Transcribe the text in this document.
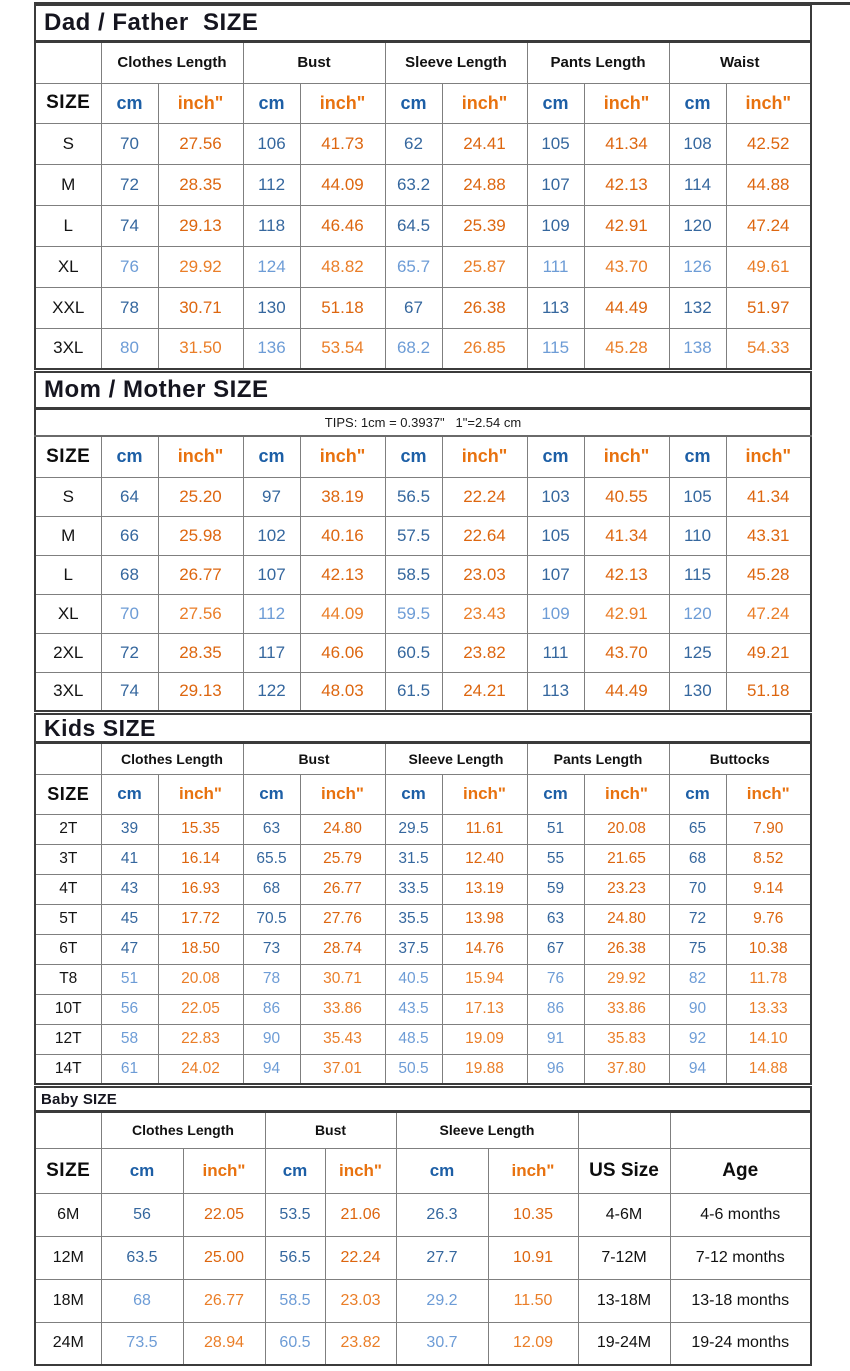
Dad / Father  SIZE
	Clothes Length		Bust		Sleeve Length		Pants Length		Waist	
SIZE	cm	inch"	cm	inch"	cm	inch"	cm	inch"	cm	inch"
S	70	27.56	106	41.73	62	24.41	105	41.34	108	42.52
M	72	28.35	112	44.09	63.2	24.88	107	42.13	114	44.88
L	74	29.13	118	46.46	64.5	25.39	109	42.91	120	47.24
XL	76	29.92	124	48.82	65.7	25.87	111	43.70	126	49.61
XXL	78	30.71	130	51.18	67	26.38	113	44.49	132	51.97
3XL	80	31.50	136	53.54	68.2	26.85	115	45.28	138	54.33
Mom / Mother SIZE
TIPS: 1cm = 0.3937"   1"=2.54 cm										
SIZE	cm	inch"	cm	inch"	cm	inch"	cm	inch"	cm	inch"
S	64	25.20	97	38.19	56.5	22.24	103	40.55	105	41.34
M	66	25.98	102	40.16	57.5	22.64	105	41.34	110	43.31
L	68	26.77	107	42.13	58.5	23.03	107	42.13	115	45.28
XL	70	27.56	112	44.09	59.5	23.43	109	42.91	120	47.24
2XL	72	28.35	117	46.06	60.5	23.82	111	43.70	125	49.21
3XL	74	29.13	122	48.03	61.5	24.21	113	44.49	130	51.18
Kids SIZE
	Clothes Length		Bust		Sleeve Length		Pants Length		Buttocks	
SIZE	cm	inch"	cm	inch"	cm	inch"	cm	inch"	cm	inch"
2T	39	15.35	63	24.80	29.5	11.61	51	20.08	65	7.90
3T	41	16.14	65.5	25.79	31.5	12.40	55	21.65	68	8.52
4T	43	16.93	68	26.77	33.5	13.19	59	23.23	70	9.14
5T	45	17.72	70.5	27.76	35.5	13.98	63	24.80	72	9.76
6T	47	18.50	73	28.74	37.5	14.76	67	26.38	75	10.38
T8	51	20.08	78	30.71	40.5	15.94	76	29.92	82	11.78
10T	56	22.05	86	33.86	43.5	17.13	86	33.86	90	13.33
12T	58	22.83	90	35.43	48.5	19.09	91	35.83	92	14.10
14T	61	24.02	94	37.01	50.5	19.88	96	37.80	94	14.88
Baby SIZE
	Clothes Length		Bust		Sleeve Length			
SIZE	cm	inch"	cm	inch"	cm	inch"	US Size	Age
6M	56	22.05	53.5	21.06	26.3	10.35	4-6M	4-6 months
12M	63.5	25.00	56.5	22.24	27.7	10.91	7-12M	7-12 months
18M	68	26.77	58.5	23.03	29.2	11.50	13-18M	13-18 months
24M	73.5	28.94	60.5	23.82	30.7	12.09	19-24M	19-24 months
